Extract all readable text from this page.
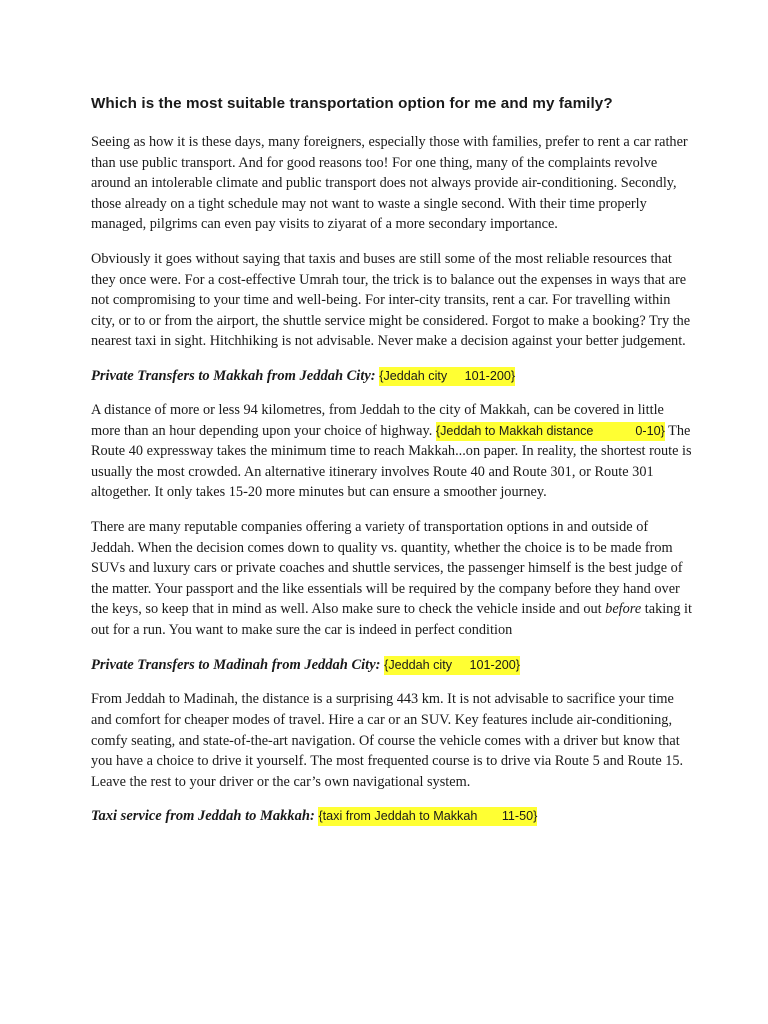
Which is the most suitable transportation option for me and my family?

Seeing as how it is these days, many foreigners, especially those with families, prefer to rent a car rather than use public transport. And for good reasons too! For one thing, many of the complaints revolve around an intolerable climate and public transport does not always provide air-conditioning. Secondly, those already on a tight schedule may not want to waste a single second. With their time properly managed, pilgrims can even pay visits to ziyarat of a more secondary importance.

Obviously it goes without saying that taxis and buses are still some of the most reliable resources that they once were. For a cost-effective Umrah tour, the trick is to balance out the expenses in ways that are not compromising to your time and well-being. For inter-city transits, rent a car. For travelling within city, or to or from the airport, the shuttle service might be considered. Forgot to make a booking? Try the nearest taxi in sight. Hitchhiking is not advisable. Never make a decision against your better judgement.

Private Transfers to Makkah from Jeddah City: {Jeddah city     101-200}

A distance of more or less 94 kilometres, from Jeddah to the city of Makkah, can be covered in little more than an hour depending upon your choice of highway. {Jeddah to Makkah distance            0-10} The Route 40 expressway takes the minimum time to reach Makkah...on paper. In reality, the shortest route is usually the most crowded. An alternative itinerary involves Route 40 and Route 301, or Route 301 altogether. It only takes 15-20 more minutes but can ensure a smoother journey.

There are many reputable companies offering a variety of transportation options in and outside of Jeddah. When the decision comes down to quality vs. quantity, whether the choice is to be made from SUVs and luxury cars or private coaches and shuttle services, the passenger himself is the best judge of the matter. Your passport and the like essentials will be required by the company before they hand over the keys, so keep that in mind as well. Also make sure to check the vehicle inside and out before taking it out for a run. You want to make sure the car is indeed in perfect condition

Private Transfers to Madinah from Jeddah City: {Jeddah city     101-200}

From Jeddah to Madinah, the distance is a surprising 443 km. It is not advisable to sacrifice your time and comfort for cheaper modes of travel. Hire a car or an SUV. Key features include air-conditioning, comfy seating, and state-of-the-art navigation. Of course the vehicle comes with a driver but know that you have a choice to drive it yourself. The most frequented course is to drive via Route 5 and Route 15. Leave the rest to your driver or the car’s own navigational system.

Taxi service from Jeddah to Makkah: {taxi from Jeddah to Makkah       11-50}
